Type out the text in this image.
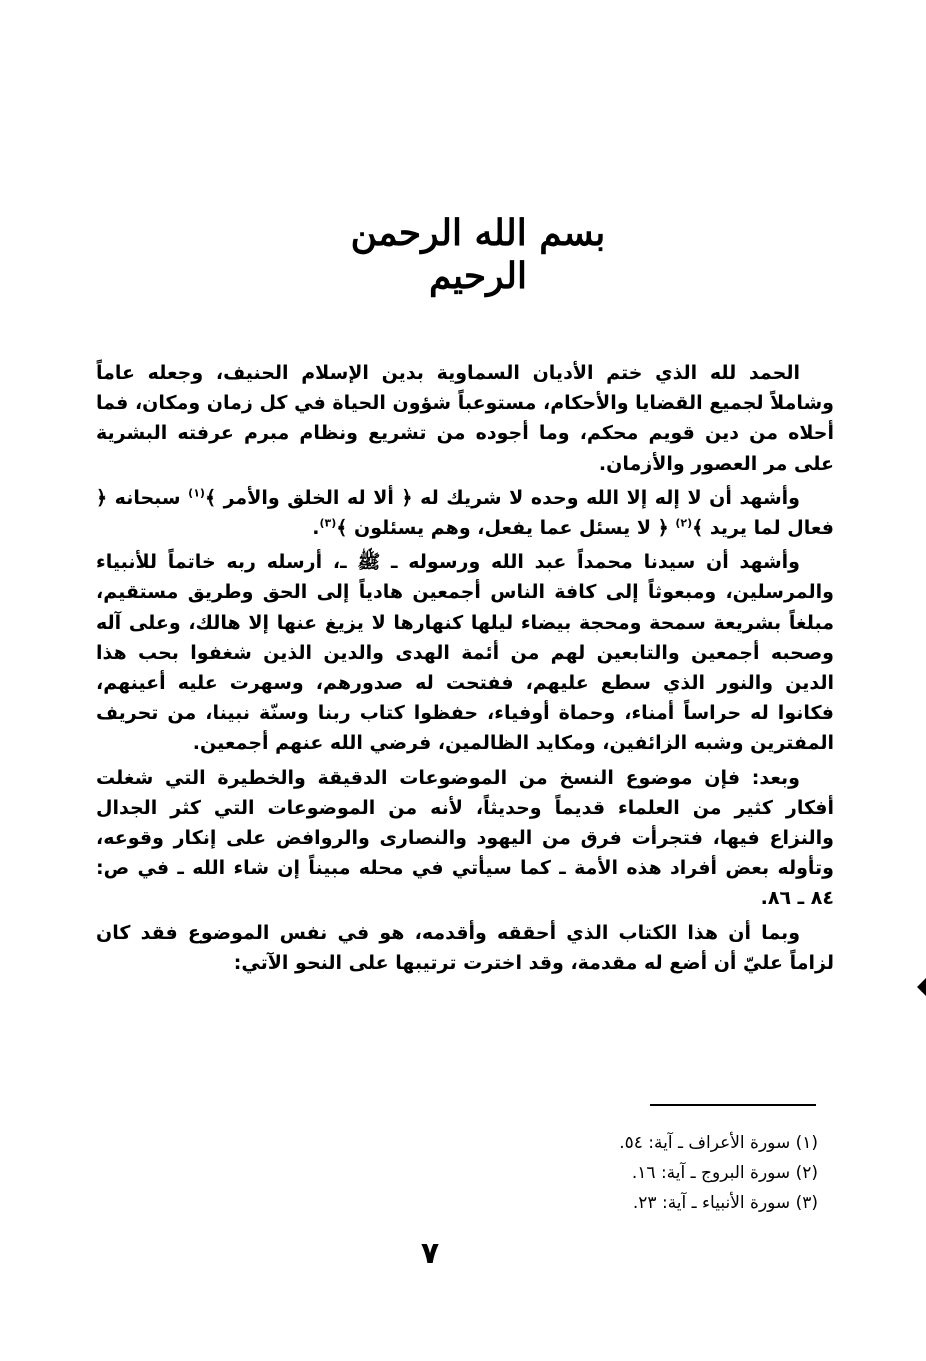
بسم الله الرحمن الرحيم

الحمد لله الذي ختم الأديان السماوية بدين الإسلام الحنيف، وجعله عاماً وشاملاً لجميع القضايا والأحكام، مستوعباً شؤون الحياة في كل زمان ومكان، فما أحلاه من دين قويم محكم، وما أجوده من تشريع ونظام مبرم عرفته البشرية على مر العصور والأزمان.

وأشهد أن لا إله إلا الله وحده لا شريك له ﴿ ألا له الخلق والأمر ﴾$^{(١)}$ سبحانه ﴿ فعال لما يريد ﴾$^{(٢)}$ ﴿ لا يسئل عما يفعل، وهم يسئلون ﴾$^{(٣)}$.

وأشهد أن سيدنا محمداً عبد الله ورسوله ـ ﷺ ـ، أرسله ربه خاتماً للأنبياء والمرسلين، ومبعوثاً إلى كافة الناس أجمعين هادياً إلى الحق وطريق مستقيم، مبلغاً بشريعة سمحة ومحجة بيضاء ليلها كنهارها لا يزيغ عنها إلا هالك، وعلى آله وصحبه أجمعين والتابعين لهم من أئمة الهدى والدين الذين شغفوا بحب هذا الدين والنور الذي سطع عليهم، ففتحت له صدورهم، وسهرت عليه أعينهم، فكانوا له حراساً أمناء، وحماة أوفياء، حفظوا كتاب ربنا وسنّة نبينا، من تحريف المفترين وشبه الزائفين، ومكايد الظالمين، فرضي الله عنهم أجمعين.

وبعد: فإن موضوع النسخ من الموضوعات الدقيقة والخطيرة التي شغلت أفكار كثير من العلماء قديماً وحديثاً، لأنه من الموضوعات التي كثر الجدال والنزاع فيها، فتجرأت فرق من اليهود والنصارى والروافض على إنكار وقوعه، وتأوله بعض أفراد هذه الأمة ـ كما سيأتي في محله مبيناً إن شاء الله ـ في ص: ٨٤ ـ ٨٦.

وبما أن هذا الكتاب الذي أحققه وأقدمه، هو في نفس الموضوع فقد كان لزاماً عليّ أن أضع له مقدمة، وقد اخترت ترتيبها على النحو الآتي:

(١) سورة الأعراف ـ آية: ٥٤.
(٢) سورة البروج ـ آية: ١٦.
(٣) سورة الأنبياء ـ آية: ٢٣.
٧
